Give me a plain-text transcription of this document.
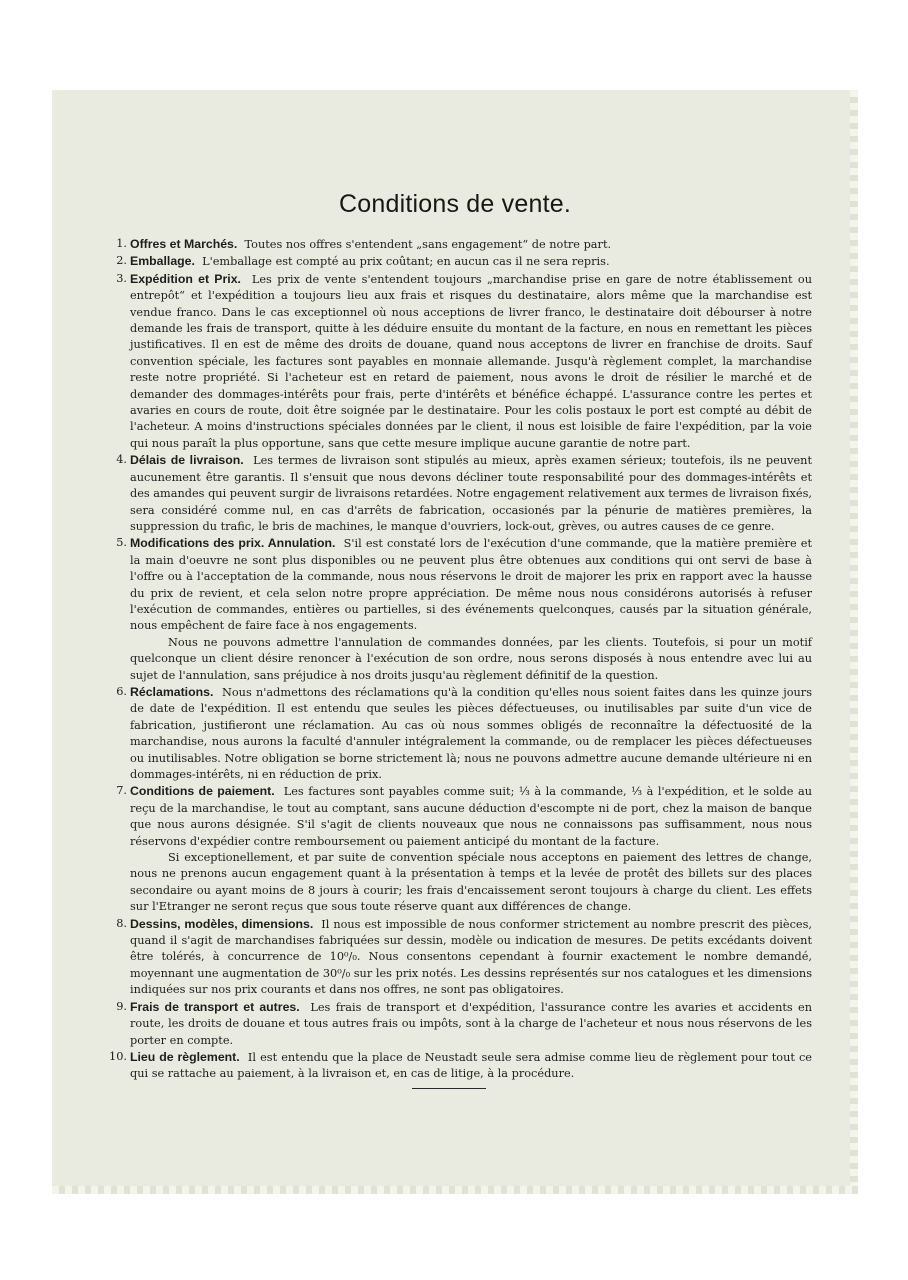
Conditions de vente.

1. Offres et Marchés. Toutes nos offres s'entendent „sans engagement“ de notre part.

2. Emballage. L'emballage est compté au prix coûtant; en aucun cas il ne sera repris.

3. Expédition et Prix. Les prix de vente s'entendent toujours „marchandise prise en gare de notre établissement ou entrepôt“ et l'expédition a toujours lieu aux frais et risques du destinataire, alors même que la marchandise est vendue franco. Dans le cas exceptionnel où nous acceptions de livrer franco, le destinataire doit débourser à notre demande les frais de transport, quitte à les déduire ensuite du montant de la facture, en nous en remettant les pièces justificatives. Il en est de même des droits de douane, quand nous acceptons de livrer en franchise de droits. Sauf convention spéciale, les factures sont payables en monnaie allemande. Jusqu'à règlement complet, la marchandise reste notre propriété. Si l'acheteur est en retard de paiement, nous avons le droit de résilier le marché et de demander des dommages-intérêts pour frais, perte d'intérêts et bénéfice échappé. L'assurance contre les pertes et avaries en cours de route, doit être soignée par le destinataire. Pour les colis postaux le port est compté au débit de l'acheteur. A moins d'instructions spéciales données par le client, il nous est loisible de faire l'expédition, par la voie qui nous paraît la plus opportune, sans que cette mesure implique aucune garantie de notre part.

4. Délais de livraison. Les termes de livraison sont stipulés au mieux, après examen sérieux; toutefois, ils ne peuvent aucunement être garantis. Il s'ensuit que nous devons décliner toute responsabilité pour des dommages-intérêts et des amandes qui peuvent surgir de livraisons retardées. Notre engagement relativement aux termes de livraison fixés, sera considéré comme nul, en cas d'arrêts de fabrication, occasionés par la pénurie de matières premières, la suppression du trafic, le bris de machines, le manque d'ouvriers, lock-out, grèves, ou autres causes de ce genre.

5. Modifications des prix. Annulation. S'il est constaté lors de l'exécution d'une commande, que la matière première et la main d'oeuvre ne sont plus disponibles ou ne peuvent plus être obtenues aux conditions qui ont servi de base à l'offre ou à l'acceptation de la commande, nous nous réservons le droit de majorer les prix en rapport avec la hausse du prix de revient, et cela selon notre propre appréciation. De même nous nous considérons autorisés à refuser l'exécution de commandes, entières ou partielles, si des événements quelconques, causés par la situation générale, nous empêchent de faire face à nos engagements.
Nous ne pouvons admettre l'annulation de commandes données, par les clients. Toutefois, si pour un motif quelconque un client désire renoncer à l'exécution de son ordre, nous serons disposés à nous entendre avec lui au sujet de l'annulation, sans préjudice à nos droits jusqu'au règlement définitif de la question.

6. Réclamations. Nous n'admettons des réclamations qu'à la condition qu'elles nous soient faites dans les quinze jours de date de l'expédition. Il est entendu que seules les pièces défectueuses, ou inutilisables par suite d'un vice de fabrication, justifieront une réclamation. Au cas où nous sommes obligés de reconnaître la défectuosité de la marchandise, nous aurons la faculté d'annuler intégralement la commande, ou de remplacer les pièces défectueuses ou inutilisables. Notre obligation se borne strictement là; nous ne pouvons admettre aucune demande ultérieure ni en dommages-intérêts, ni en réduction de prix.

7. Conditions de paiement. Les factures sont payables comme suit; ⅓ à la commande, ⅓ à l'expédition, et le solde au reçu de la marchandise, le tout au comptant, sans aucune déduction d'escompte ni de port, chez la maison de banque que nous aurons désignée. S'il s'agit de clients nouveaux que nous ne connaissons pas suffisamment, nous nous réservons d'expédier contre remboursement ou paiement anticipé du montant de la facture.
Si exceptionellement, et par suite de convention spéciale nous acceptons en paiement des lettres de change, nous ne prenons aucun engagement quant à la présentation à temps et la levée de protêt des billets sur des places secondaire ou ayant moins de 8 jours à courir; les frais d'encaissement seront toujours à charge du client. Les effets sur l'Etranger ne seront reçus que sous toute réserve quant aux différences de change.

8. Dessins, modèles, dimensions. Il nous est impossible de nous conformer strictement au nombre prescrit des pièces, quand il s'agit de marchandises fabriquées sur dessin, modèle ou indication de mesures. De petits excédants doivent être tolérés, à concurrence de 10⁰/₀. Nous consentons cependant à fournir exactement le nombre demandé, moyennant une augmentation de 30⁰/₀ sur les prix notés. Les dessins représentés sur nos catalogues et les dimensions indiquées sur nos prix courants et dans nos offres, ne sont pas obligatoires.

9. Frais de transport et autres. Les frais de transport et d'expédition, l'assurance contre les avaries et accidents en route, les droits de douane et tous autres frais ou impôts, sont à la charge de l'acheteur et nous nous réservons de les porter en compte.

10. Lieu de règlement. Il est entendu que la place de Neustadt seule sera admise comme lieu de règlement pour tout ce qui se rattache au paiement, à la livraison et, en cas de litige, à la procédure.
